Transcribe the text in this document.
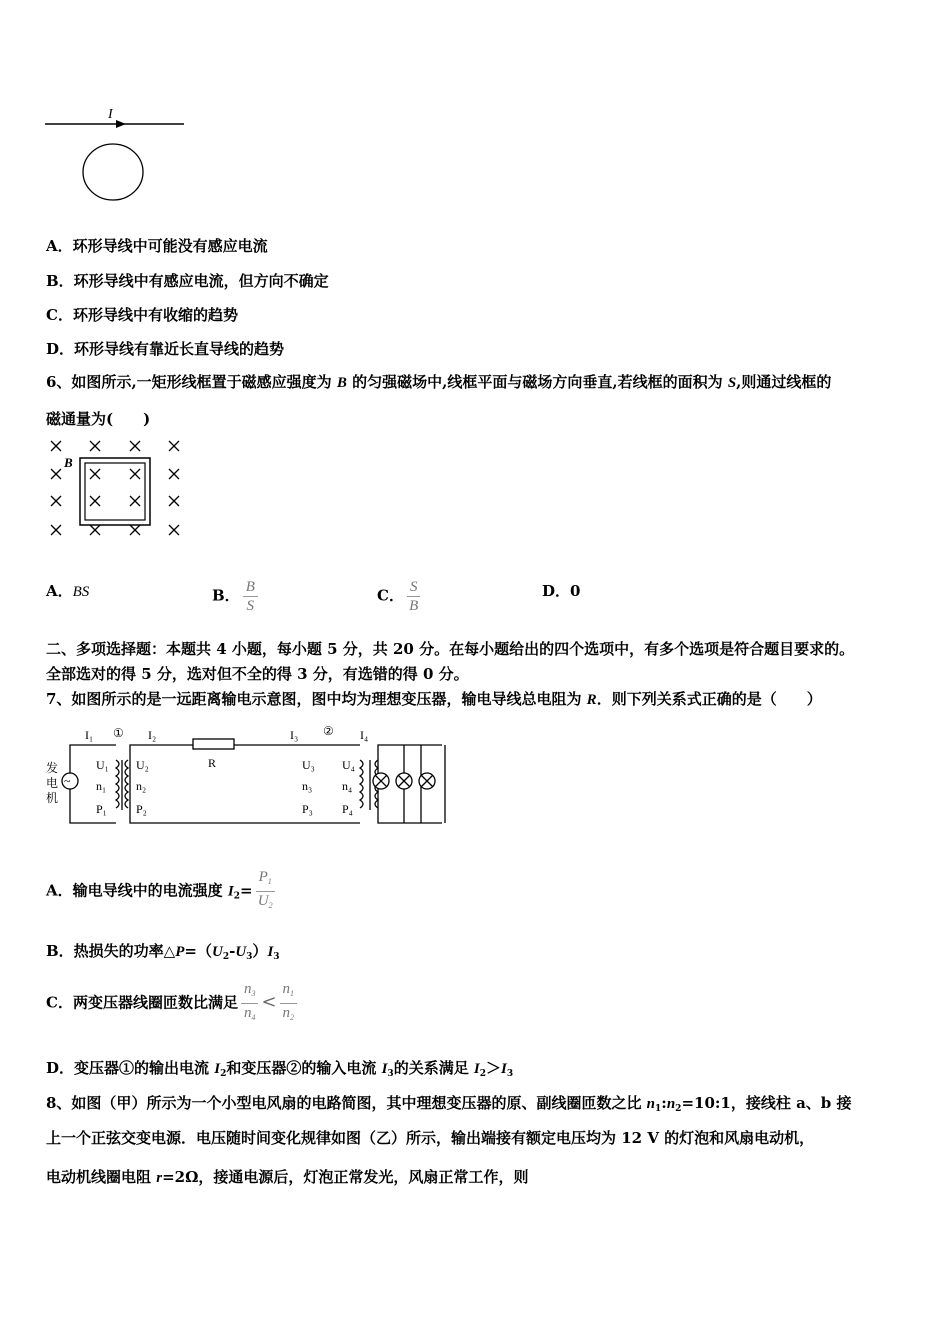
I
A．环形导线中可能没有感应电流
B．环形导线中有感应电流，但方向不确定
C．环形导线中有收缩的趋势
D．环形导线有靠近长直导线的趋势
6、如图所示,一矩形线框置于磁感应强度为 B 的匀强磁场中,线框平面与磁场方向垂直,若线框的面积为 S,则通过线框的
磁通量为(　　)
B
A．BS	B． $\frac{B}{S}$	C． $\frac{S}{B}$	D．0
二、多项选择题：本题共 4 小题，每小题 5 分，共 20 分。在每小题给出的四个选项中，有多个选项是符合题目要求的。
全部选对的得 5 分，选对但不全的得 3 分，有选错的得 0 分。
7、如图所示的是一远距离输电示意图，图中均为理想变压器，输电导线总电阻为 R．则下列关系式正确的是（　　）
~
发
电
机
I₁ ① I₂
R
I₃ ② I₄
U₁
n₁
P₁
U₂
n₂
P₂
U₃
n₃
P₃
U₄
n₄
P₄
A．输电导线中的电流强度 $I_2= \frac{P_1}{U_2}$
B．热损失的功率$\triangle P=(U_2-U_3)I_3$
C．两变压器线圈匝数比满足 $\frac{n_3}{n_4} < \frac{n_1}{n_2}$
D．变压器①的输出电流 $I_2$和变压器②的输入电流 $I_3$的关系满足 $I_2>I_3$
8、如图（甲）所示为一个小型电风扇的电路简图，其中理想变压器的原、副线圈匝数之比 $n_1:n_2=10:1$，接线柱 a、b 接
上一个正弦交变电源．电压随时间变化规律如图（乙）所示，输出端接有额定电压均为 12 V 的灯泡和风扇电动机，
电动机线圈电阻 r=2Ω，接通电源后，灯泡正常发光，风扇正常工作，则
